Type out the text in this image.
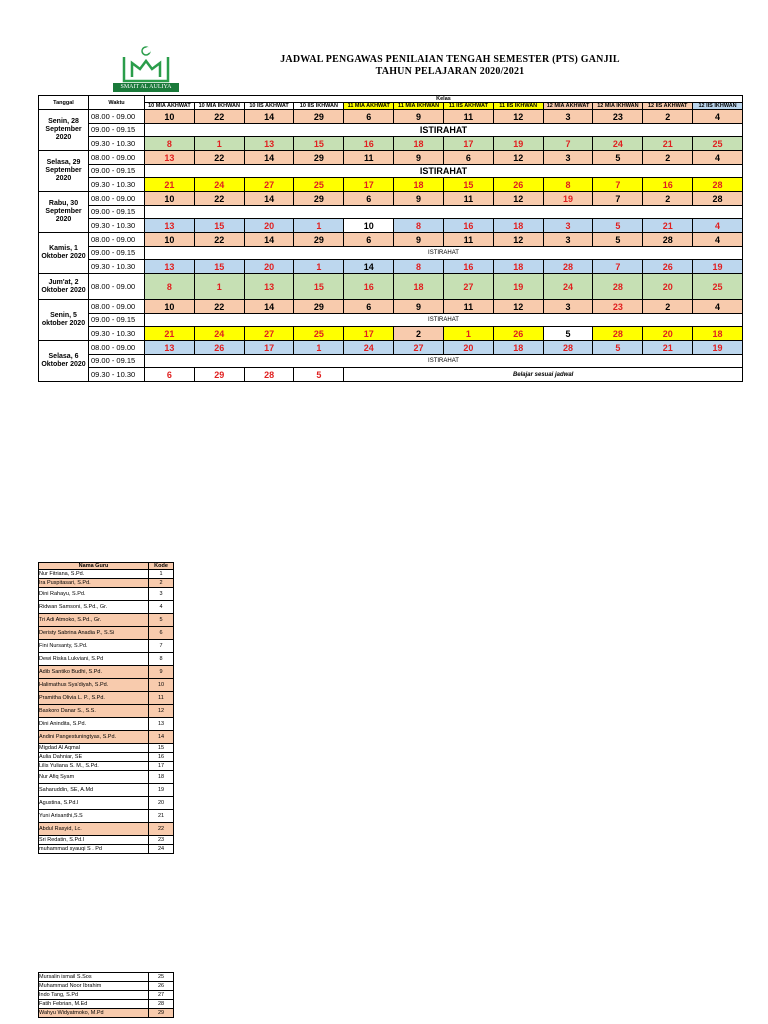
SMAIT AL AULIYA
JADWAL PENGAWAS PENILAIAN TENGAH SEMESTER (PTS) GANJIL
TAHUN PELAJARAN 2020/2021
Tanggal	Waktu	Kelas											
		10 MIA AKHWAT	10 MIA IKHWAN	10 IIS AKHWAT	10 IIS IKHWAN	11 MIA AKHWAT	11 MIA IKHWAN	11 IIS AKHWAT	11 IIS IKHWAN	12 MIA AKHWAT	12 MIA IKHWAN	12 IIS AKHWAT	12 IIS IKHWAN
Senin, 28 September 2020	08.00 - 09.00	10	22	14	29	6	9	11	12	3	23	2	4
	09.00 - 09.15	ISTIRAHAT											
	09.30 - 10.30	8	1	13	15	16	18	17	19	7	24	21	25
Selasa, 29 September 2020	08.00 - 09.00	13	22	14	29	11	9	6	12	3	5	2	4
	09.00 - 09.15	ISTIRAHAT											
	09.30 - 10.30	21	24	27	25	17	18	15	26	8	7	16	28
Rabu, 30 September 2020	08.00 - 09.00	10	22	14	29	6	9	11	12	19	7	2	28
	09.00 - 09.15												
	09.30 - 10.30	13	15	20	1	10	8	16	18	3	5	21	4
Kamis, 1 Oktober 2020	08.00 - 09.00	10	22	14	29	6	9	11	12	3	5	28	4
	09.00 - 09.15	ISTIRAHAT											
	09.30 - 10.30	13	15	20	1	14	8	16	18	28	7	26	19
Jum'at, 2 Oktober 2020	08.00 - 09.00	8	1	13	15	16	18	27	19	24	28	20	25
Senin, 5 oktober 2020	08.00 - 09.00	10	22	14	29	6	9	11	12	3	23	2	4
	09.00 - 09.15	ISTIRAHAT											
	09.30 - 10.30	21	24	27	25	17	2	1	26	5	28	20	18
Selasa, 6 Oktober 2020	08.00 - 09.00	13	26	17	1	24	27	20	18	28	5	21	19
	09.00 - 09.15	ISTIRAHAT											
	09.30 - 10.30	6	29	28	5	Belajar sesuai jadwal							
Nama Guru	Kode
Nur Fitriana, S.Pd.	1
Ira Puspitasari, S.Pd.	2
Dini Rahayu, S.Pd.	3
Ridwan Samsoni, S.Pd., Gr.	4
Tri Adi Atmoko, S.Pd., Gr.	5
Deristy Sabrina Anadia P., S.Si	6
Fini Nursanty, S.Pd.	7
Dewi Riska Lukviani, S.Pd	8
Adib Santiko Budhi, S.Pd.	9
Halimathus Sya'diyah, S.Pd.	10
Pramitha Olivia L. P., S.Pd.	11
Baskoro Danar S., S.S.	12
Dini Anindita, S.Pd.	13
Andini Pangestuningtyas, S.Pd.	14
Migdad Al Aqmal	15
Aulia Dahniar, SE	16
Lilis Yuliana S. M., S.Pd.	17
Nur Afiq Syam	18
Saharuddin, SE, A.Md	19
Agustina, S.Pd.I	20
Yuni Arisanthi,S.S	21
Abdul Rasyid, Lc.	22
Sri Redatin, S.Pd.I	23
muhammad syauqi S . Pd	24
Mursalin ismail S.Sos	25
Muhammad Noor Ibrahim	26
Indo Tang, S.Pd	27
Fatih Febrian, M.Ed	28
Wahyu Widyatmoko, M.Pd	29
